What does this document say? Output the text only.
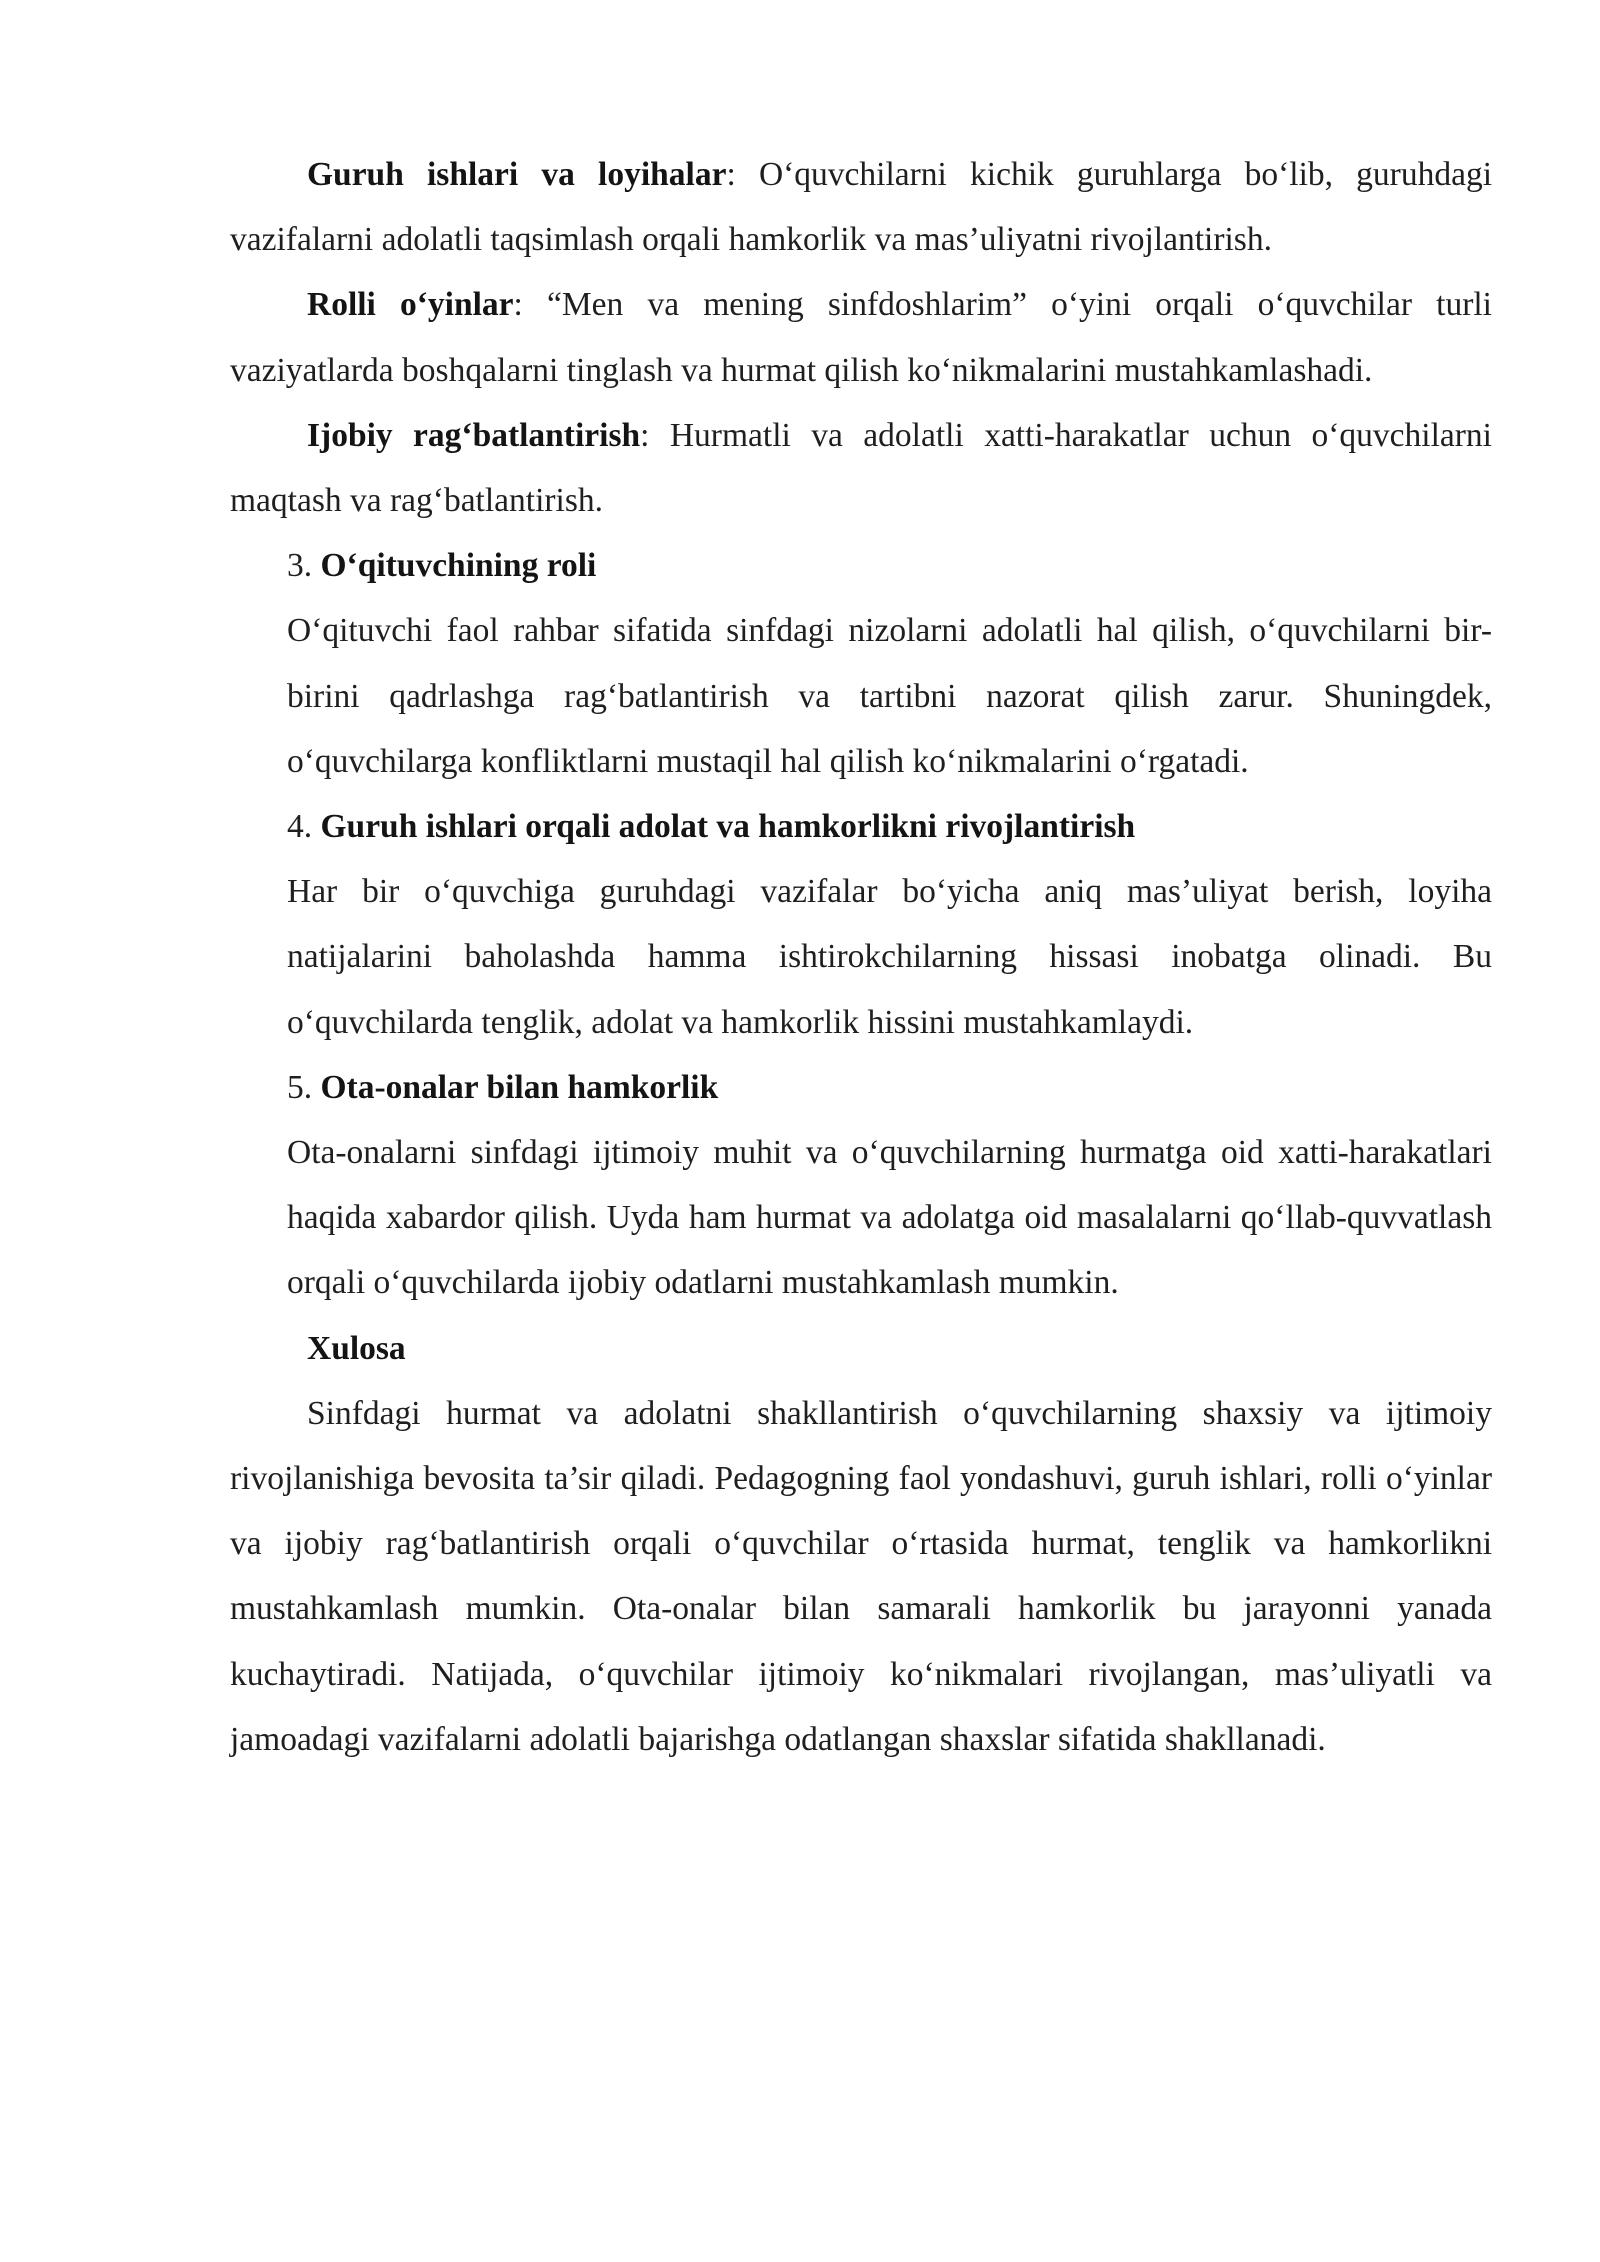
Guruh ishlari va loyihalar: O‘quvchilarni kichik guruhlarga bo‘lib, guruhdagi vazifalarni adolatli taqsimlash orqali hamkorlik va mas’uliyatni rivojlantirish.

Rolli o‘yinlar: “Men va mening sinfdoshlarim” o‘yini orqali o‘quvchilar turli vaziyatlarda boshqalarni tinglash va hurmat qilish ko‘nikmalarini mustahkamlashadi.

Ijobiy rag‘batlantirish: Hurmatli va adolatli xatti-harakatlar uchun o‘quvchilarni maqtash va rag‘batlantirish.

3. O‘qituvchining roli

O‘qituvchi faol rahbar sifatida sinfdagi nizolarni adolatli hal qilish, o‘quvchilarni bir-birini qadrlashga rag‘batlantirish va tartibni nazorat qilish zarur. Shuningdek, o‘quvchilarga konfliktlarni mustaqil hal qilish ko‘nikmalarini o‘rgatadi.

4. Guruh ishlari orqali adolat va hamkorlikni rivojlantirish

Har bir o‘quvchiga guruhdagi vazifalar bo‘yicha aniq mas’uliyat berish, loyiha natijalarini baholashda hamma ishtirokchilarning hissasi inobatga olinadi. Bu o‘quvchilarda tenglik, adolat va hamkorlik hissini mustahkamlaydi.

5. Ota-onalar bilan hamkorlik

Ota-onalarni sinfdagi ijtimoiy muhit va o‘quvchilarning hurmatga oid xatti-harakatlari haqida xabardor qilish. Uyda ham hurmat va adolatga oid masalalarni qo‘llab-quvvatlash orqali o‘quvchilarda ijobiy odatlarni mustahkamlash mumkin.

Xulosa

Sinfdagi hurmat va adolatni shakllantirish o‘quvchilarning shaxsiy va ijtimoiy rivojlanishiga bevosita ta’sir qiladi. Pedagogning faol yondashuvi, guruh ishlari, rolli o‘yinlar va ijobiy rag‘batlantirish orqali o‘quvchilar o‘rtasida hurmat, tenglik va hamkorlikni mustahkamlash mumkin. Ota-onalar bilan samarali hamkorlik bu jarayonni yanada kuchaytiradi. Natijada, o‘quvchilar ijtimoiy ko‘nikmalari rivojlangan, mas’uliyatli va jamoadagi vazifalarni adolatli bajarishga odatlangan shaxslar sifatida shakllanadi.
